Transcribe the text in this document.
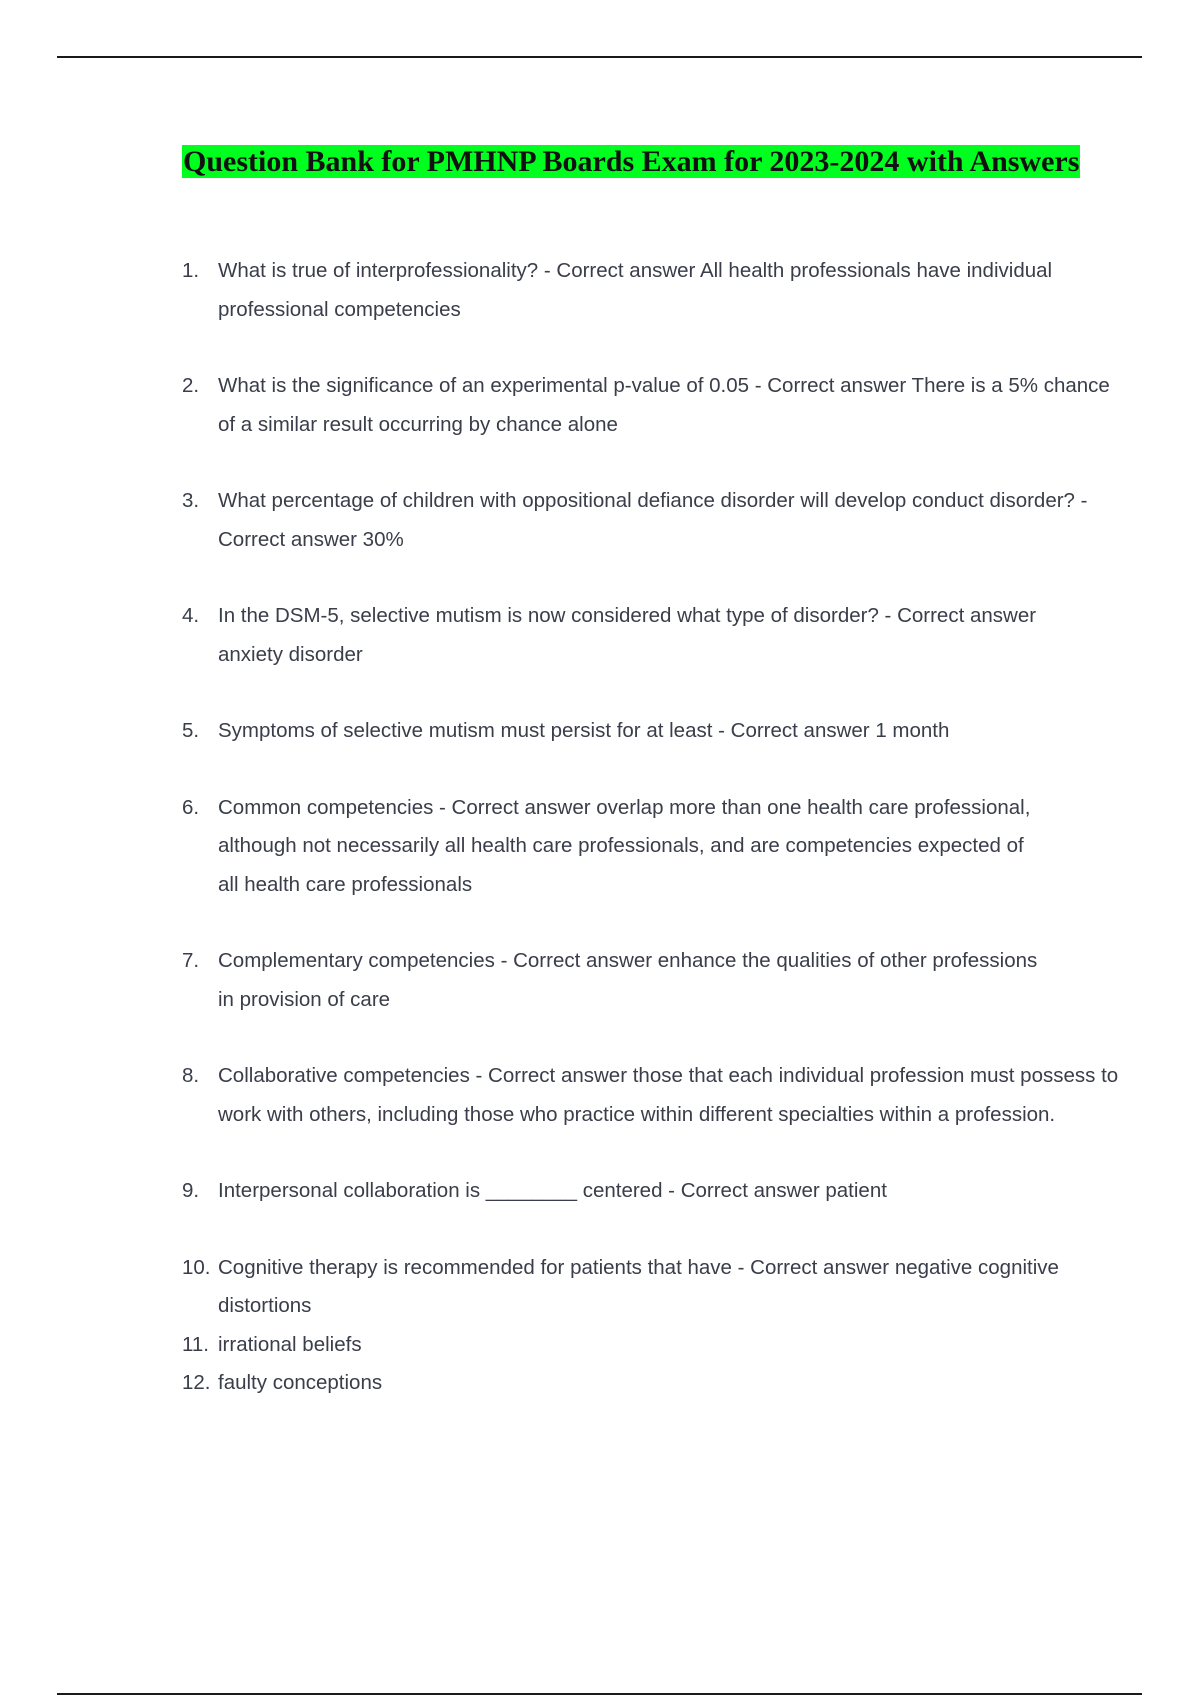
Question Bank for PMHNP Boards Exam for 2023-2024 with Answers
1. What is true of interprofessionality? - Correct answer All health professionals have individual professional competencies
2. What is the significance of an experimental p-value of 0.05 - Correct answer There is a 5% chance of a similar result occurring by chance alone
3. What percentage of children with oppositional defiance disorder will develop conduct disorder? - Correct answer 30%
4. In the DSM-5, selective mutism is now considered what type of disorder? - Correct answer anxiety disorder
5. Symptoms of selective mutism must persist for at least - Correct answer 1 month
6. Common competencies - Correct answer overlap more than one health care professional, although not necessarily all health care professionals, and are competencies expected of all health care professionals
7. Complementary competencies - Correct answer enhance the qualities of other professions in provision of care
8. Collaborative competencies - Correct answer those that each individual profession must possess to work with others, including those who practice within different specialties within a profession.
9. Interpersonal collaboration is ________ centered - Correct answer patient
10. Cognitive therapy is recommended for patients that have - Correct answer negative cognitive distortions
11. irrational beliefs
12. faulty conceptions
